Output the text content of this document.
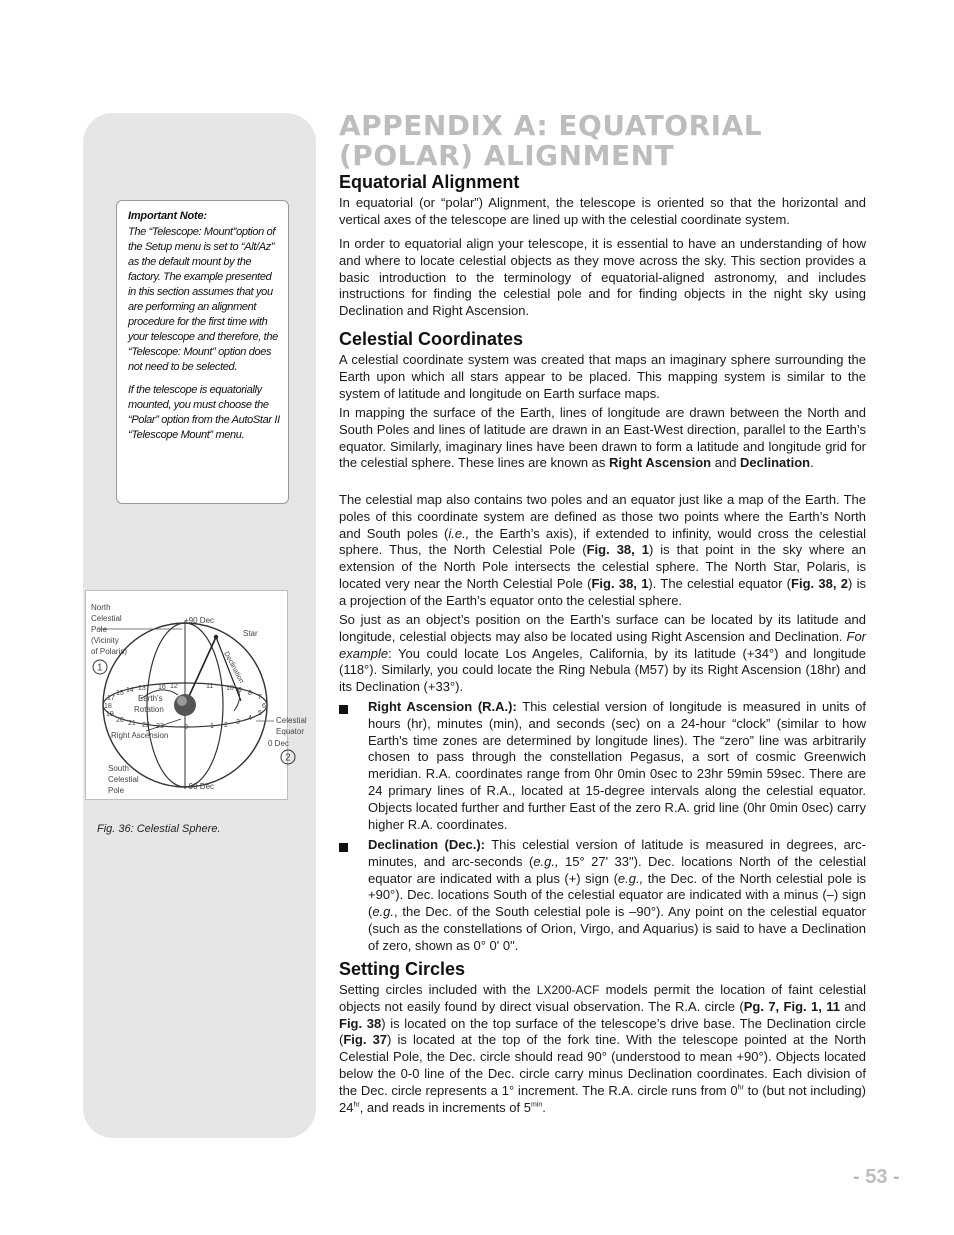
Important Note:

The “Telescope: Mount”option of the Setup menu is set to “Alt/Az” as the default mount by the factory. The example presented in this section assumes that you are performing an alignment procedure for the first time with your telescope and therefore, the “Telescope: Mount” option does not need to be selected.

If the telescope is equatorially mounted, you must choose the “Polar” option from the AutoStar II “Telescope Mount” menu.

North
Celestial
Pole
(Vicinity
of Polaris)
1
+90 Dec
Star
Declination
14 13	12	11 10 9 8
7
15
16
17
18
19
6
20 21 22 23	0	1 2 3
4
5
Earth's
Rotation
Right Ascension
Celestial
Equator
0 Dec
2
South
Celestial
Pole	-90 Dec
Fig. 36: Celestial Sphere.
APPENDIX A: EQUATORIAL
(POLAR) ALIGNMENT
Equatorial Alignment
In equatorial (or “polar”) Alignment, the telescope is oriented so that the horizontal and vertical axes of the telescope are lined up with the celestial coordinate system.
In order to equatorial align your telescope, it is essential to have an understanding of how and where to locate celestial objects as they move across the sky. This section provides a basic introduction to the terminology of equatorial-aligned astronomy, and includes instructions for finding the celestial pole and for finding objects in the night sky using Declination and Right Ascension.
Celestial Coordinates
A celestial coordinate system was created that maps an imaginary sphere surrounding the Earth upon which all stars appear to be placed. This mapping system is similar to the system of latitude and longitude on Earth surface maps.
In mapping the surface of the Earth, lines of longitude are drawn between the North and South Poles and lines of latitude are drawn in an East-West direction, parallel to the Earth’s equator. Similarly, imaginary lines have been drawn to form a latitude and longitude grid for the celestial sphere. These lines are known as Right Ascension and Declination.
The celestial map also contains two poles and an equator just like a map of the Earth. The poles of this coordinate system are defined as those two points where the Earth’s North and South poles (i.e., the Earth’s axis), if extended to infinity, would cross the celestial sphere. Thus, the North Celestial Pole (Fig. 38, 1) is that point in the sky where an extension of the North Pole intersects the celestial sphere. The North Star, Polaris, is located very near the North Celestial Pole (Fig. 38, 1). The celestial equator (Fig. 38, 2) is a projection of the Earth’s equator onto the celestial sphere.
So just as an object’s position on the Earth’s surface can be located by its latitude and longitude, celestial objects may also be located using Right Ascension and Declination. For example: You could locate Los Angeles, California, by its latitude (+34°) and longitude (118°). Similarly, you could locate the Ring Nebula (M57) by its Right Ascension (18hr) and its Declination (+33°).
Right Ascension (R.A.): This celestial version of longitude is measured in units of hours (hr), minutes (min), and seconds (sec) on a 24-hour “clock” (similar to how Earth's time zones are determined by longitude lines). The “zero” line was arbitrarily chosen to pass through the constellation Pegasus, a sort of cosmic Greenwich meridian. R.A. coordinates range from 0hr 0min 0sec to 23hr 59min 59sec. There are 24 primary lines of R.A., located at 15-degree intervals along the celestial equator. Objects located further and further East of the zero R.A. grid line (0hr 0min 0sec) carry higher R.A. coordinates.
Declination (Dec.): This celestial version of latitude is measured in degrees, arc-minutes, and arc-seconds (e.g., 15° 27' 33"). Dec. locations North of the celestial equator are indicated with a plus (+) sign (e.g., the Dec. of the North celestial pole is +90°). Dec. locations South of the celestial equator are indicated with a minus (–) sign (e.g., the Dec. of the South celestial pole is –90°). Any point on the celestial equator (such as the constellations of Orion, Virgo, and Aquarius) is said to have a Declination of zero, shown as 0° 0' 0".
Setting Circles
Setting circles included with the LX200-ACF models permit the location of faint celestial objects not easily found by direct visual observation. The R.A. circle (Pg. 7, Fig. 1, 11 and Fig. 38) is located on the top surface of the telescope’s drive base. The Declination circle (Fig. 37) is located at the top of the fork tine. With the telescope pointed at the North Celestial Pole, the Dec. circle should read 90° (understood to mean +90°). Objects located below the 0-0 line of the Dec. circle carry minus Declination coordinates. Each division of the Dec. circle represents a 1° increment. The R.A. circle runs from $0^{hr}$ to (but not including) $24^{hr}$, and reads in increments of $5^{min}$.
- 53 -
